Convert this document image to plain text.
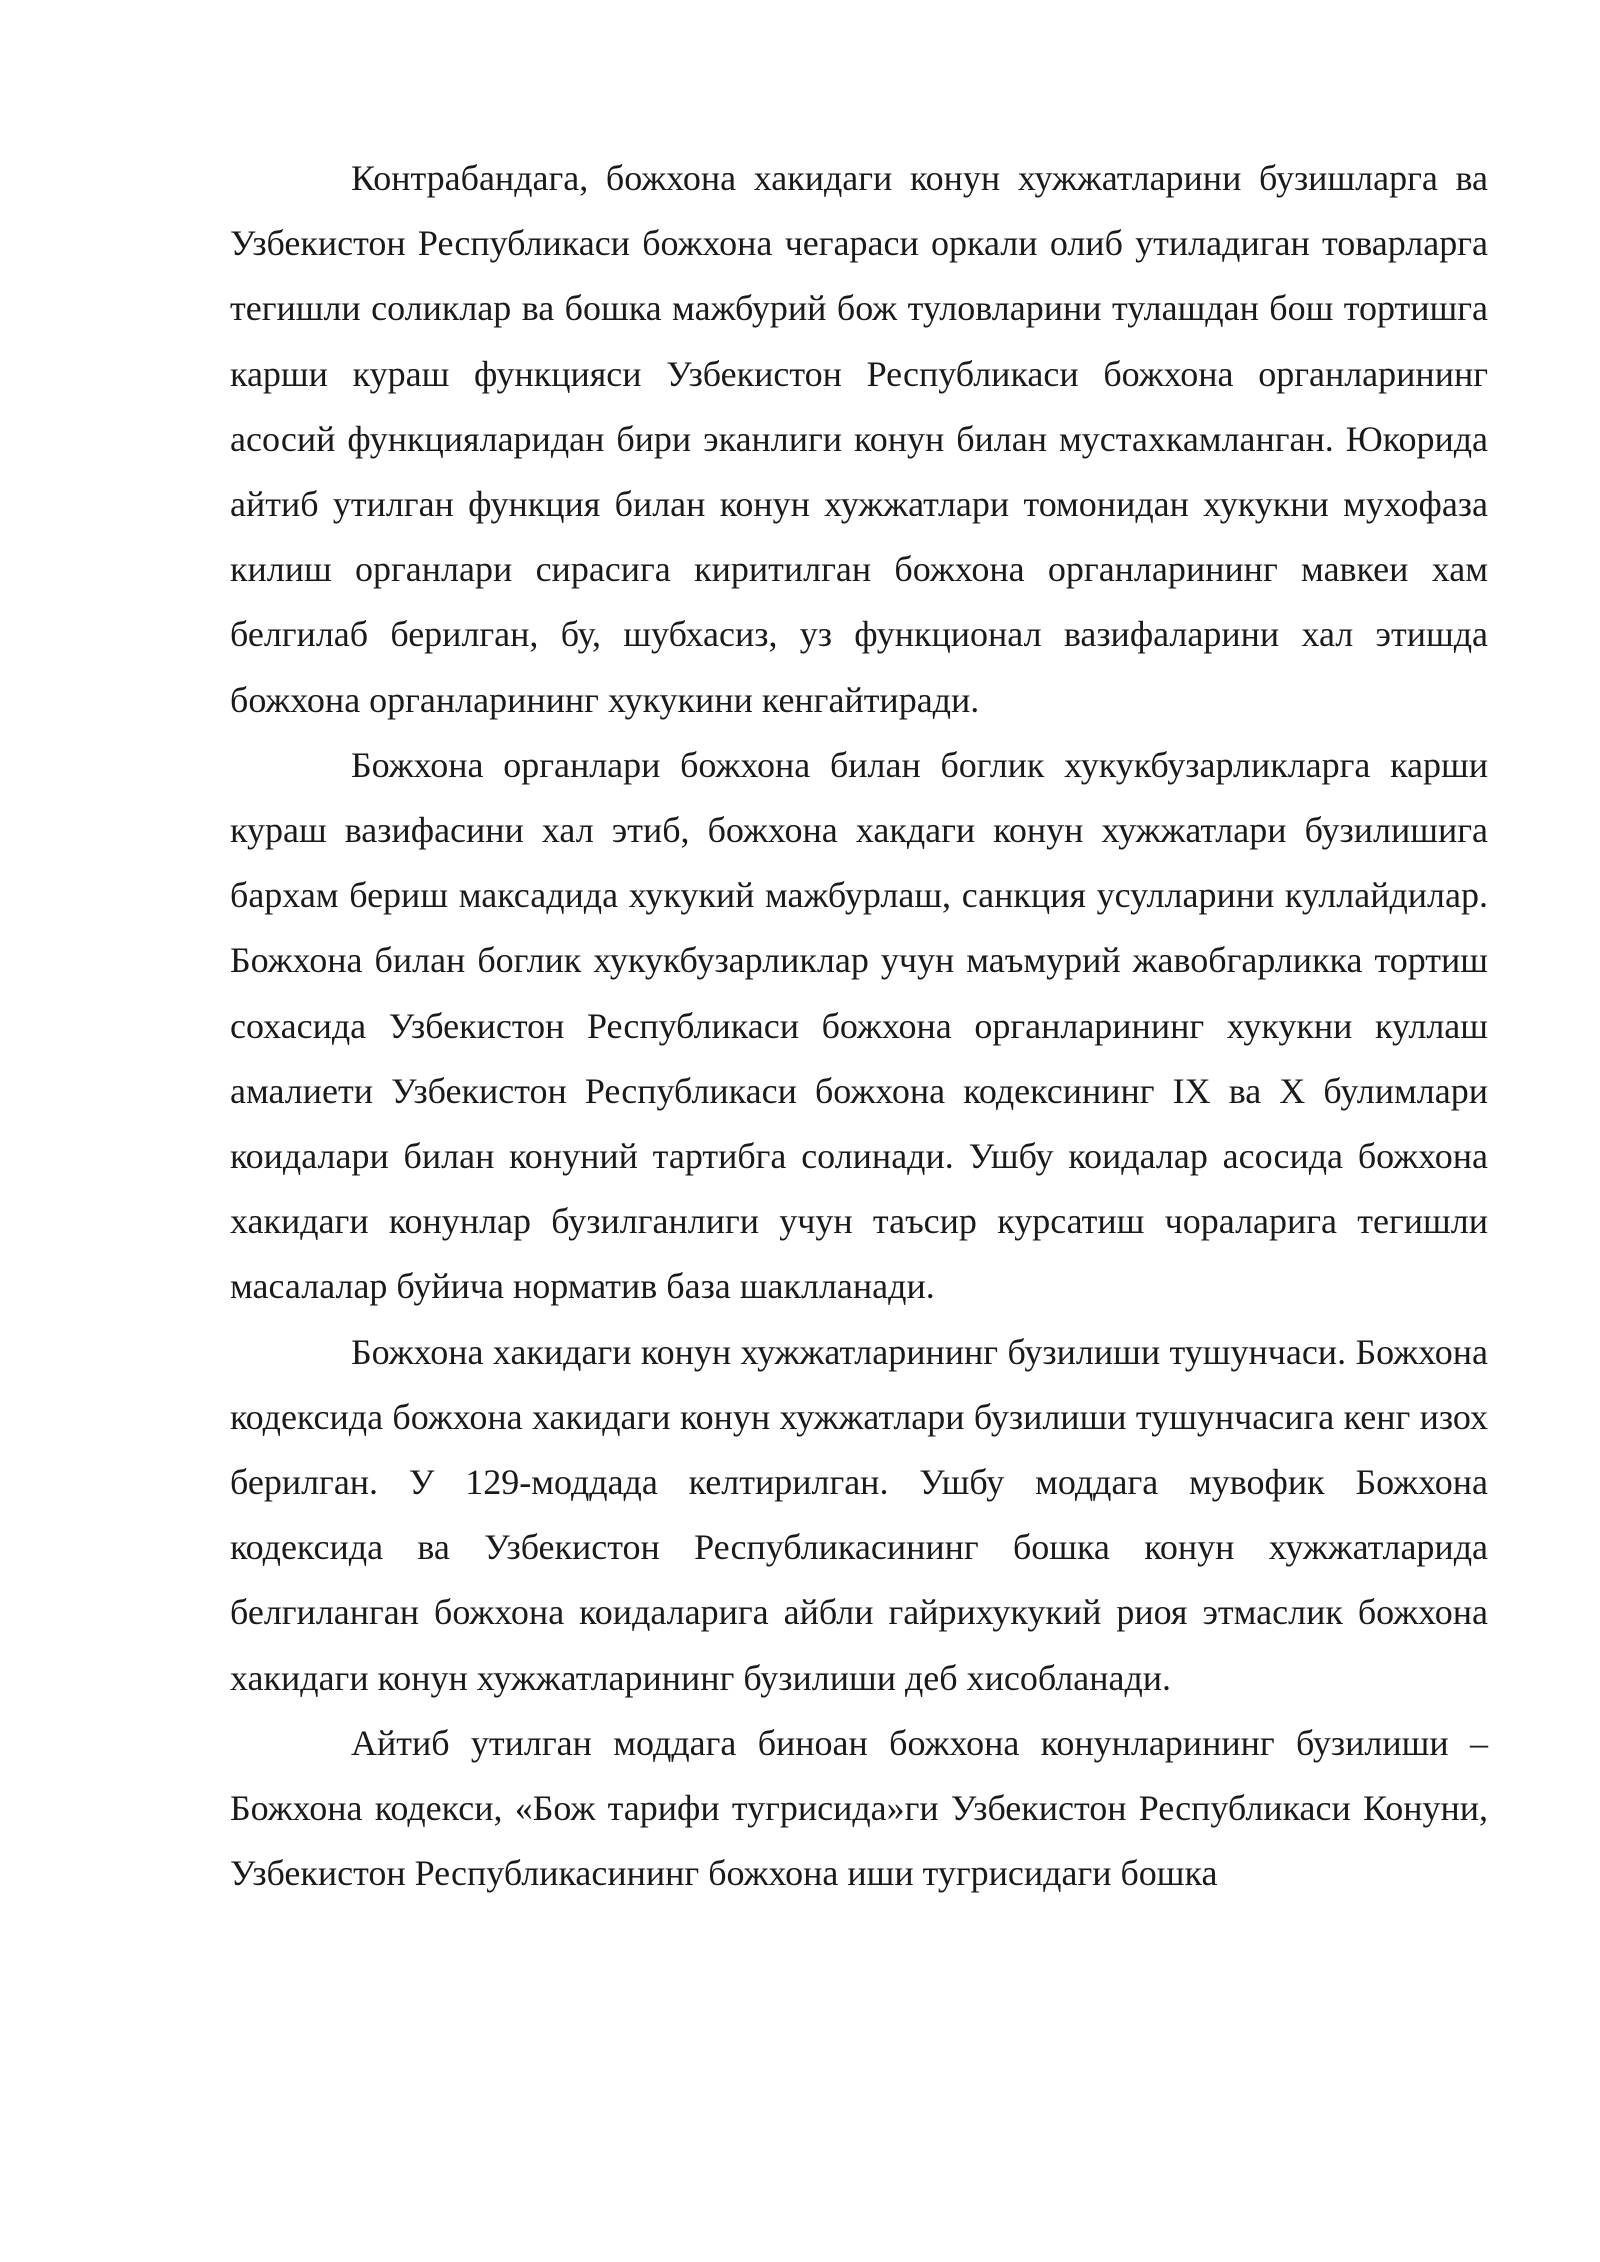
Контрабандага, божхона хакидаги конун хужжатларини бузишларга ва Узбекистон Республикаси божхона чегараси оркали олиб утиладиган товарларга тегишли соликлар ва бошка мажбурий бож туловларини тулашдан бош тортишга карши кураш функцияси Узбекистон Республикаси божхона органларининг асосий функцияларидан бири эканлиги конун билан мустахкамланган. Юкорида айтиб утилган функция билан конун хужжатлари томонидан хукукни мухофаза килиш органлари сирасига киритилган божхона органларининг мавкеи хам белгилаб берилган, бу, шубхасиз, уз функционал вазифаларини хал этишда божхона органларининг хукукини кенгайтиради.

Божхона органлари божхона билан боглик хукукбузарликларга карши кураш вазифасини хал этиб, божхона хакдаги конун хужжатлари бузилишига бархам бериш максадида хукукий мажбурлаш, санкция усулларини куллайдилар. Божхона билан боглик хукукбузарликлар учун маъмурий жавобгарликка тортиш сохасида Узбекистон Республикаси божхона органларининг хукукни куллаш амалиети Узбекистон Республикаси божхона кодексининг IX ва X булимлари коидалари билан конуний тартибга солинади. Ушбу коидалар асосида божхона хакидаги конунлар бузилганлиги учун таъсир курсатиш чораларига тегишли масалалар буйича норматив база шаклланади.

Божхона хакидаги конун хужжатларининг бузилиши тушунчаси. Божхона кодексида божхона хакидаги конун хужжатлари бузилиши тушунчасига кенг изох берилган. У 129-моддада келтирилган. Ушбу моддага мувофик Божхона кодексида ва Узбекистон Республикасининг бошка конун хужжатларида белгиланган божхона коидаларига айбли гайрихукукий риоя этмаслик божхона хакидаги конун хужжатларининг бузилиши деб хисобланади.

Айтиб утилган моддага биноан божхона конунларининг бузилиши – Божхона кодекси, «Бож тарифи тугрисида»ги Узбекистон Республикаси Конуни, Узбекистон Республикасининг божхона иши тугрисидаги бошка
